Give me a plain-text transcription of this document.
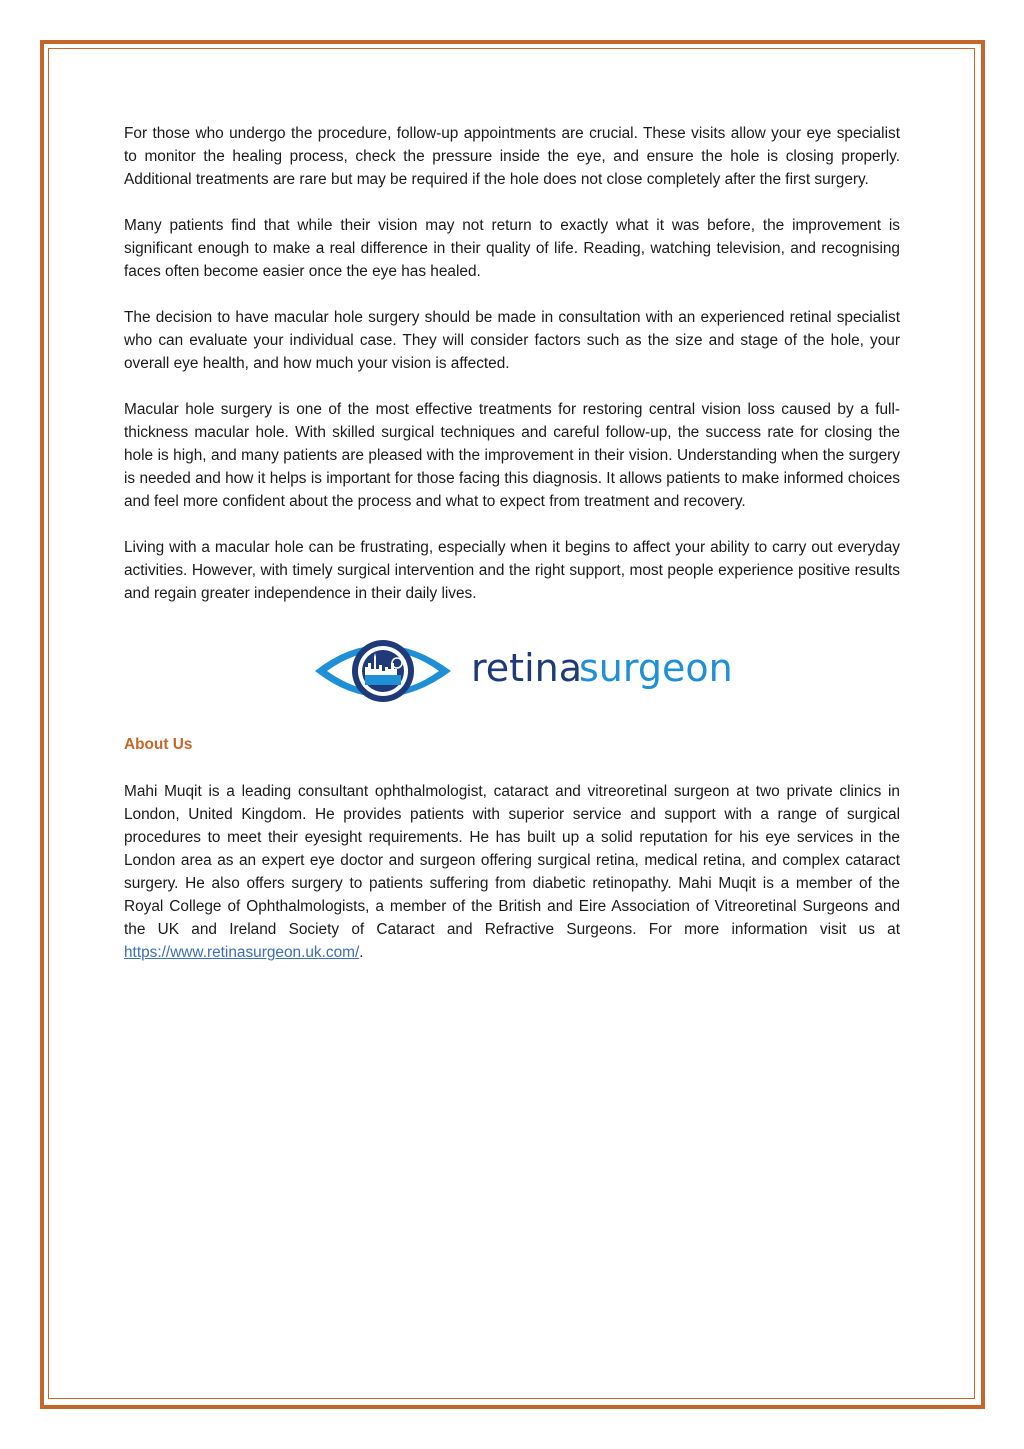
For those who undergo the procedure, follow-up appointments are crucial. These visits allow your eye specialist to monitor the healing process, check the pressure inside the eye, and ensure the hole is closing properly. Additional treatments are rare but may be required if the hole does not close completely after the first surgery.

Many patients find that while their vision may not return to exactly what it was before, the improvement is significant enough to make a real difference in their quality of life. Reading, watching television, and recognising faces often become easier once the eye has healed.

The decision to have macular hole surgery should be made in consultation with an experienced retinal specialist who can evaluate your individual case. They will consider factors such as the size and stage of the hole, your overall eye health, and how much your vision is affected.

Macular hole surgery is one of the most effective treatments for restoring central vision loss caused by a full-thickness macular hole. With skilled surgical techniques and careful follow-up, the success rate for closing the hole is high, and many patients are pleased with the improvement in their vision. Understanding when the surgery is needed and how it helps is important for those facing this diagnosis. It allows patients to make informed choices and feel more confident about the process and what to expect from treatment and recovery.

Living with a macular hole can be frustrating, especially when it begins to affect your ability to carry out everyday activities. However, with timely surgical intervention and the right support, most people experience positive results and regain greater independence in their daily lives.

retina
surgeon
About Us

Mahi Muqit is a leading consultant ophthalmologist, cataract and vitreoretinal surgeon at two private clinics in London, United Kingdom. He provides patients with superior service and support with a range of surgical procedures to meet their eyesight requirements. He has built up a solid reputation for his eye services in the London area as an expert eye doctor and surgeon offering surgical retina, medical retina, and complex cataract surgery. He also offers surgery to patients suffering from diabetic retinopathy. Mahi Muqit is a member of the Royal College of Ophthalmologists, a member of the British and Eire Association of Vitreoretinal Surgeons and the UK and Ireland Society of Cataract and Refractive Surgeons. For more information visit us at https://www.retinasurgeon.uk.com/.
